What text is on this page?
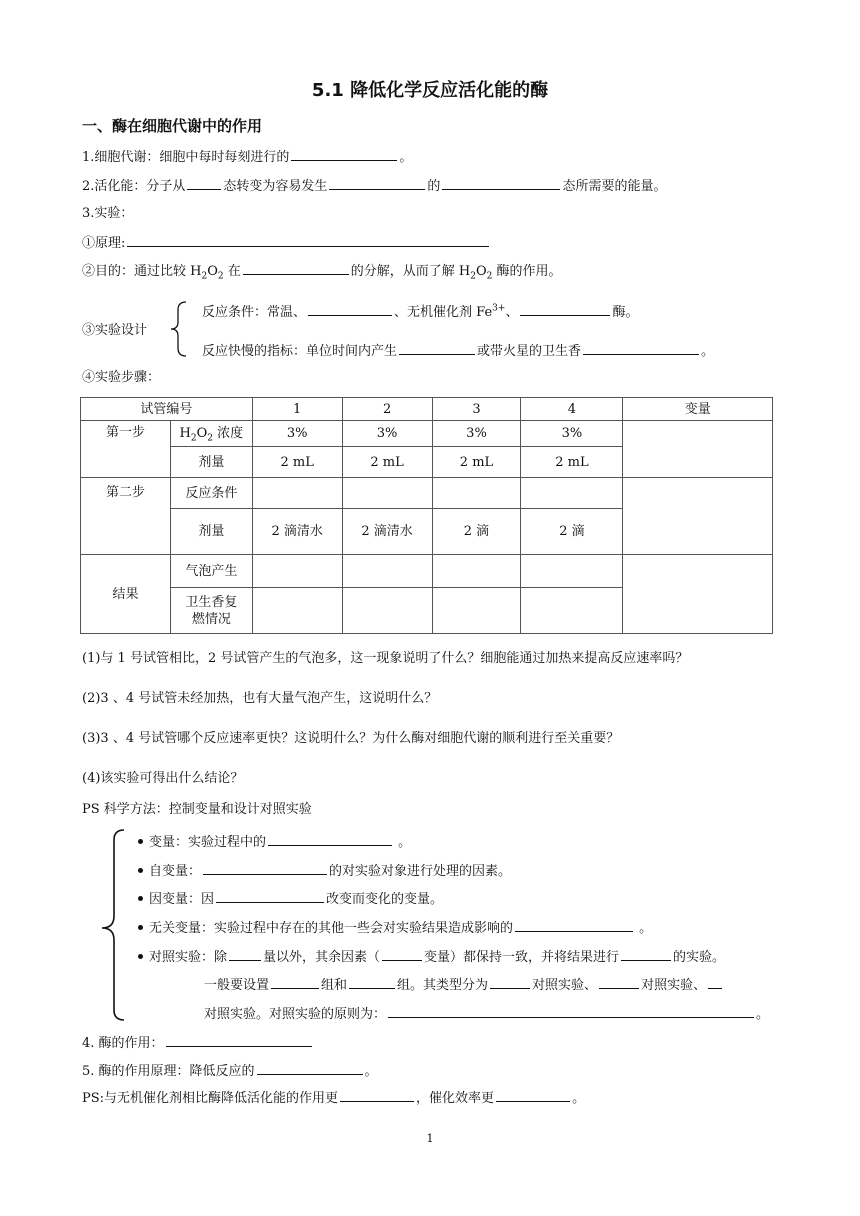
5.1 降低化学反应活化能的酶
一、酶在细胞代谢中的作用
1.细胞代谢：细胞中每时每刻进行的	。
2.活化能：分子从	态转变为容易发生	的	态所需要的能量。
3.实验：
①原理:
②目的：通过比较 $H_2O_2$ 在	的分解，从而了解 $H_2O_2$ 酶的作用。
③实验设计
反应条件：常温、	、无机催化剂 $Fe^{3+}$、	酶。
反应快慢的指标：单位时间内产生	或带火星的卫生香	。
④实验步骤：
试管编号		1	2	3	4	变量
第一步	$H_2O_2$ 浓度	3%	3%	3%	3%	
	剂量	2 mL	2 mL	2 mL	2 mL	
第二步	反应条件					
	剂量	2 滴清水	2 滴清水	2 滴	2 滴	
结果	气泡产生					
	卫生香复
燃情况					
(1)与 1 号试管相比，2 号试管产生的气泡多，这一现象说明了什么？细胞能通过加热来提高反应速率吗？
(2)3 、4 号试管未经加热，也有大量气泡产生，这说明什么？
(3)3 、4 号试管哪个反应速率更快？这说明什么？为什么酶对细胞代谢的顺利进行至关重要？
(4)该实验可得出什么结论？
PS 科学方法：控制变量和设计对照实验
变量：实验过程中的	。
自变量：	的对实验对象进行处理的因素。
因变量：因	改变而变化的变量。
无关变量：实验过程中存在的其他一些会对实验结果造成影响的	。
对照实验：除	量以外，其余因素（	变量）都保持一致，并将结果进行	的实验。
一般要设置	组和	组。其类型分为	对照实验、	对照实验、
对照实验。对照实验的原则为：	。
4. 酶的作用：
5. 酶的作用原理：降低反应的	。
PS:与无机催化剂相比酶降低活化能的作用更	，催化效率更	。
1
